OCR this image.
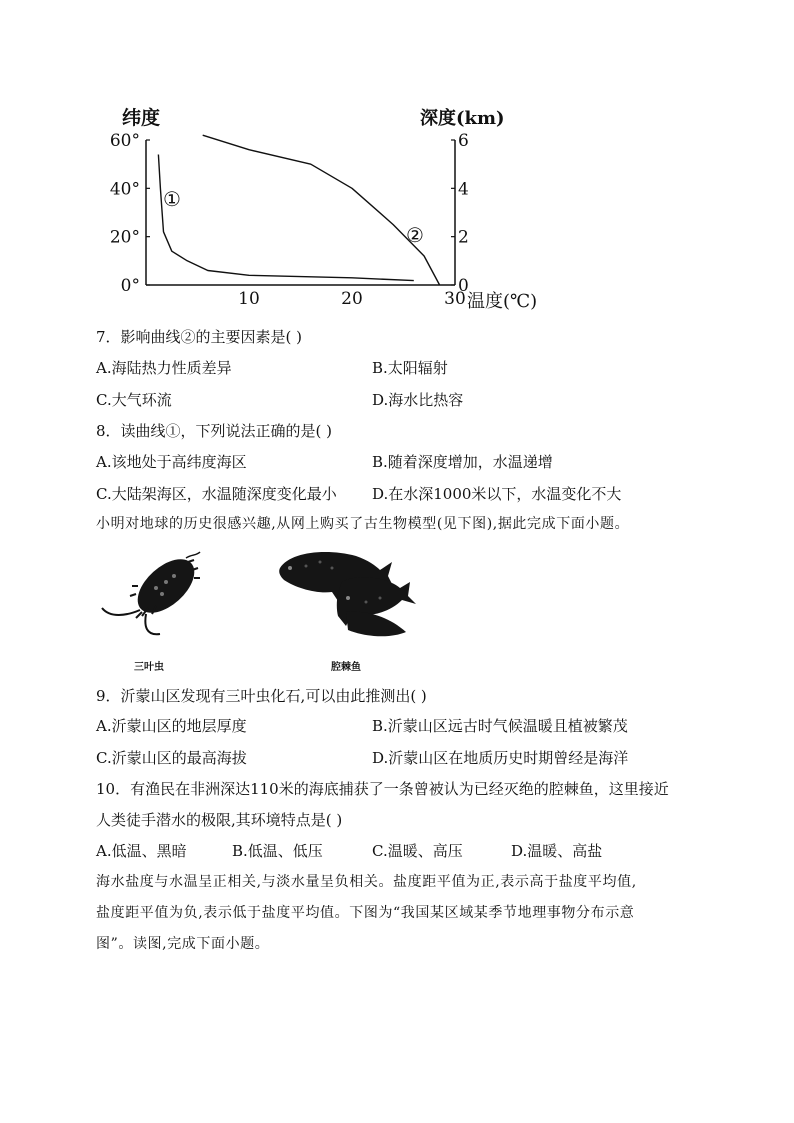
纬度	深度(km)
温度(℃)
60°
40°
20°
0°
6
4
2
0
10	20	30
①
②
7．影响曲线②的主要因素是( )
A.海陆热力性质差异	B.太阳辐射
C.大气环流	D.海水比热容
8．读曲线①，下列说法正确的是( )
A.该地处于高纬度海区	B.随着深度增加，水温递增
C.大陆架海区，水温随深度变化最小 D.在水深1000米以下，水温变化不大
小明对地球的历史很感兴趣,从网上购买了古生物模型(见下图),据此完成下面小题。
三叶虫	腔棘鱼
9．沂蒙山区发现有三叶虫化石,可以由此推测出( )
A.沂蒙山区的地层厚度	B.沂蒙山区远古时气候温暖且植被繁茂
C.沂蒙山区的最高海拔	D.沂蒙山区在地质历史时期曾经是海洋
10．有渔民在非洲深达110米的海底捕获了一条曾被认为已经灭绝的腔棘鱼，这里接近
人类徒手潜水的极限,其环境特点是( )
A.低温、黑暗	B.低温、低压	C.温暖、高压	D.温暖、高盐
海水盐度与水温呈正相关,与淡水量呈负相关。盐度距平值为正,表示高于盐度平均值,
盐度距平值为负,表示低于盐度平均值。下图为“我国某区域某季节地理事物分布示意
图”。读图,完成下面小题。
